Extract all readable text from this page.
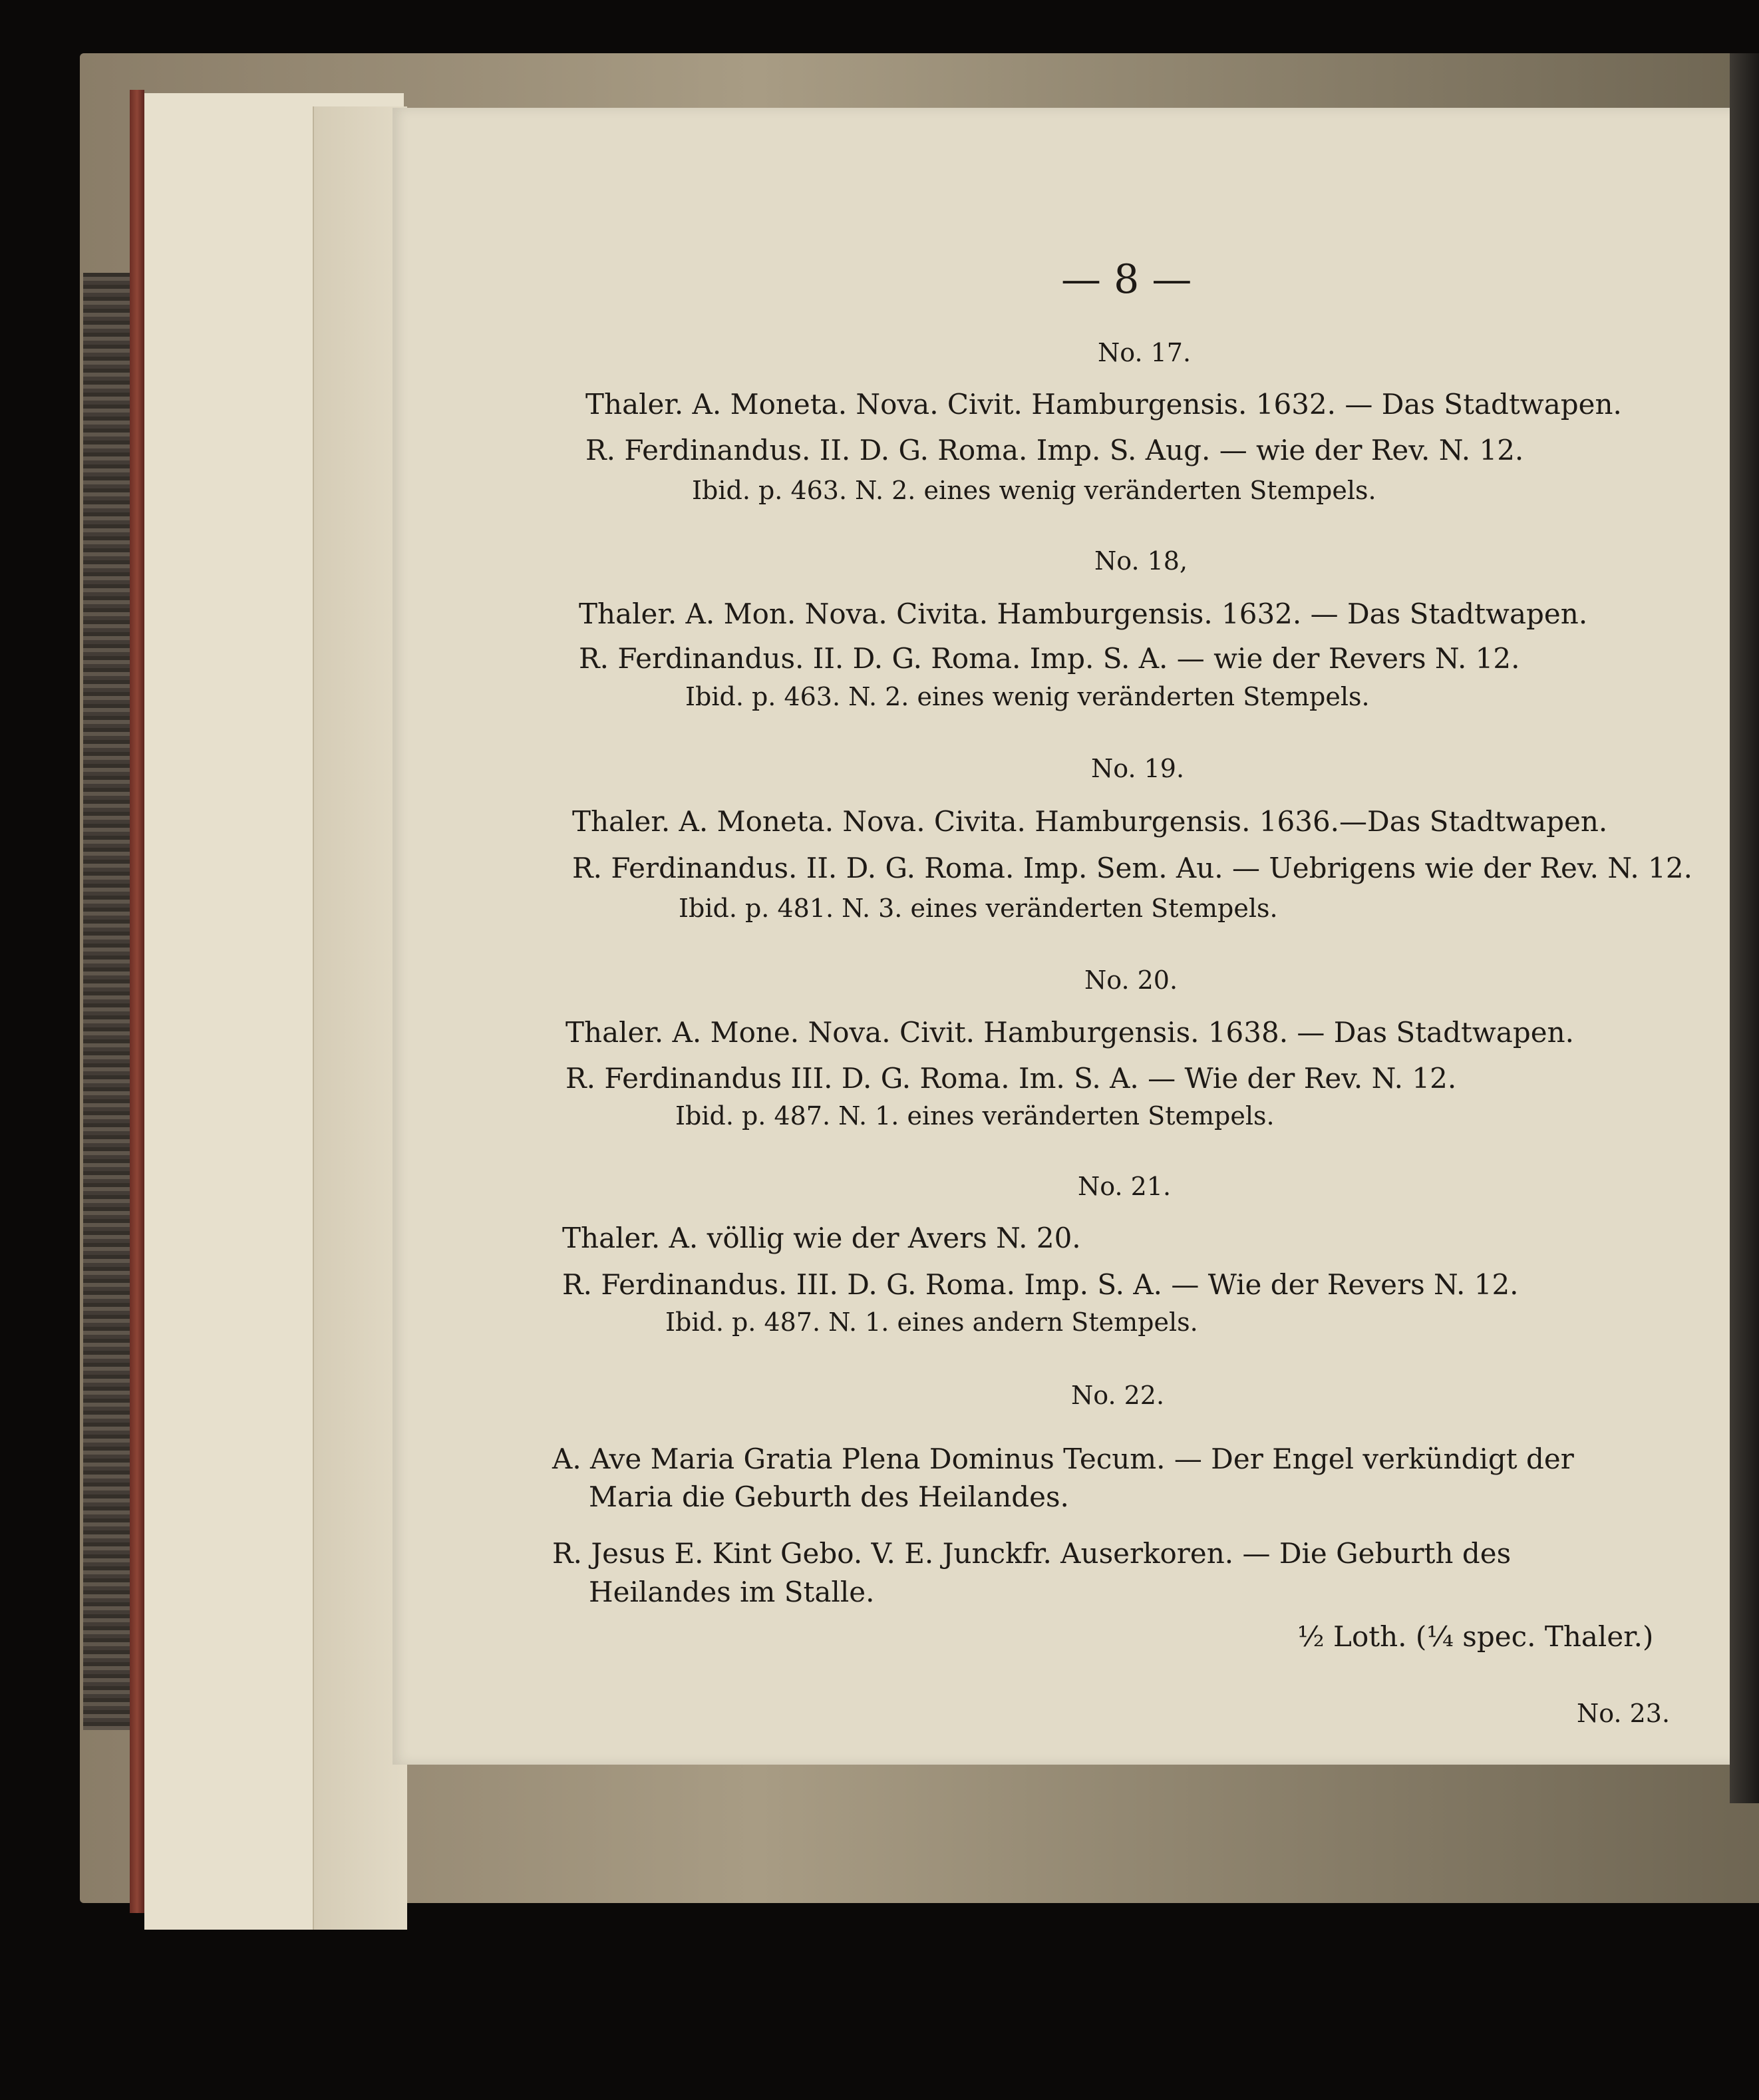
— 8 —
No. 17.
Thaler. A. Moneta. Nova. Civit. Hamburgensis. 1632. — Das Stadtwapen.
R. Ferdinandus. II. D. G. Roma. Imp. S. Aug. — wie der Rev. N. 12.
Ibid. p. 463. N. 2. eines wenig veränderten Stempels.
No. 18,
Thaler. A. Mon. Nova. Civita. Hamburgensis. 1632. — Das Stadtwapen.
R. Ferdinandus. II. D. G. Roma. Imp. S. A. — wie der Revers N. 12.
Ibid. p. 463. N. 2. eines wenig veränderten Stempels.
No. 19.
Thaler. A. Moneta. Nova. Civita. Hamburgensis. 1636.—Das Stadtwapen.
R. Ferdinandus. II. D. G. Roma. Imp. Sem. Au. — Uebrigens wie der Rev. N. 12.
Ibid. p. 481. N. 3. eines veränderten Stempels.
No. 20.
Thaler. A. Mone. Nova. Civit. Hamburgensis. 1638. — Das Stadtwapen.
R. Ferdinandus III. D. G. Roma. Im. S. A. — Wie der Rev. N. 12.
Ibid. p. 487. N. 1. eines veränderten Stempels.
No. 21.
Thaler. A. völlig wie der Avers N. 20.
R. Ferdinandus. III. D. G. Roma. Imp. S. A. — Wie der Revers N. 12.
Ibid. p. 487. N. 1. eines andern Stempels.
No. 22.
A. Ave Maria Gratia Plena Dominus Tecum. — Der Engel verkündigt der
Maria die Geburth des Heilandes.
R. Jesus E. Kint Gebo. V. E. Junckfr. Auserkoren. — Die Geburth des
Heilandes im Stalle.
½ Loth. (¼ spec. Thaler.)
No. 23.
